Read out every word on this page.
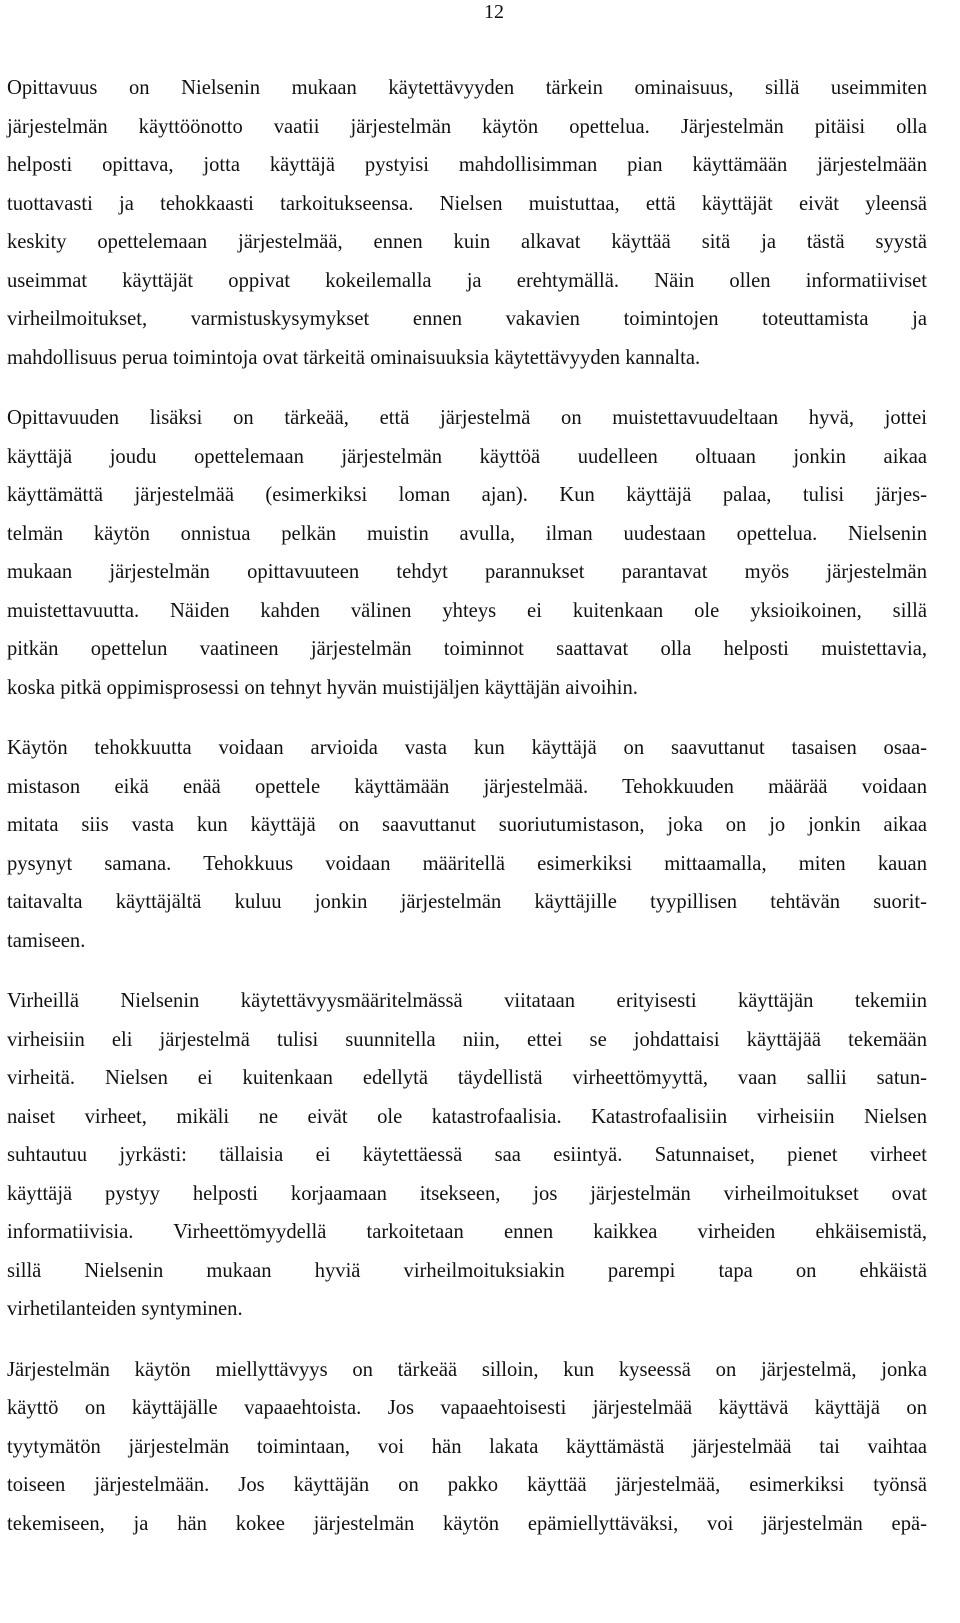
12

Opittavuus on Nielsenin mukaan käytettävyyden tärkein ominaisuus, sillä useimmiten
järjestelmän käyttöönotto vaatii järjestelmän käytön opettelua. Järjestelmän pitäisi olla
helposti opittava, jotta käyttäjä pystyisi mahdollisimman pian käyttämään järjestelmään
tuottavasti ja tehokkaasti tarkoitukseensa. Nielsen muistuttaa, että käyttäjät eivät yleensä
keskity opettelemaan järjestelmää, ennen kuin alkavat käyttää sitä ja tästä syystä
useimmat käyttäjät oppivat kokeilemalla ja erehtymällä. Näin ollen informatiiviset
virheilmoitukset, varmistuskysymykset ennen vakavien toimintojen toteuttamista ja
mahdollisuus perua toimintoja ovat tärkeitä ominaisuuksia käytettävyyden kannalta.

Opittavuuden lisäksi on tärkeää, että järjestelmä on muistettavuudeltaan hyvä, jottei
käyttäjä joudu opettelemaan järjestelmän käyttöä uudelleen oltuaan jonkin aikaa
käyttämättä järjestelmää (esimerkiksi loman ajan). Kun käyttäjä palaa, tulisi järjes-
telmän käytön onnistua pelkän muistin avulla, ilman uudestaan opettelua. Nielsenin
mukaan järjestelmän opittavuuteen tehdyt parannukset parantavat myös järjestelmän
muistettavuutta. Näiden kahden välinen yhteys ei kuitenkaan ole yksioikoinen, sillä
pitkän opettelun vaatineen järjestelmän toiminnot saattavat olla helposti muistettavia,
koska pitkä oppimisprosessi on tehnyt hyvän muistijäljen käyttäjän aivoihin.

Käytön tehokkuutta voidaan arvioida vasta kun käyttäjä on saavuttanut tasaisen osaa-
mistason eikä enää opettele käyttämään järjestelmää. Tehokkuuden määrää voidaan
mitata siis vasta kun käyttäjä on saavuttanut suoriutumistason, joka on jo jonkin aikaa
pysynyt samana. Tehokkuus voidaan määritellä esimerkiksi mittaamalla, miten kauan
taitavalta käyttäjältä kuluu jonkin järjestelmän käyttäjille tyypillisen tehtävän suorit-
tamiseen.

Virheillä Nielsenin käytettävyysmääritelmässä viitataan erityisesti käyttäjän tekemiin
virheisiin eli järjestelmä tulisi suunnitella niin, ettei se johdattaisi käyttäjää tekemään
virheitä. Nielsen ei kuitenkaan edellytä täydellistä virheettömyyttä, vaan sallii satun-
naiset virheet, mikäli ne eivät ole katastrofaalisia. Katastrofaalisiin virheisiin Nielsen
suhtautuu jyrkästi: tällaisia ei käytettäessä saa esiintyä. Satunnaiset, pienet virheet
käyttäjä pystyy helposti korjaamaan itsekseen, jos järjestelmän virheilmoitukset ovat
informatiivisia. Virheettömyydellä tarkoitetaan ennen kaikkea virheiden ehkäisemistä,
sillä Nielsenin mukaan hyviä virheilmoituksiakin parempi tapa on ehkäistä
virhetilanteiden syntyminen.

Järjestelmän käytön miellyttävyys on tärkeää silloin, kun kyseessä on järjestelmä, jonka
käyttö on käyttäjälle vapaaehtoista. Jos vapaaehtoisesti järjestelmää käyttävä käyttäjä on
tyytymätön järjestelmän toimintaan, voi hän lakata käyttämästä järjestelmää tai vaihtaa
toiseen järjestelmään. Jos käyttäjän on pakko käyttää järjestelmää, esimerkiksi työnsä
tekemiseen, ja hän kokee järjestelmän käytön epämiellyttäväksi, voi järjestelmän epä-
